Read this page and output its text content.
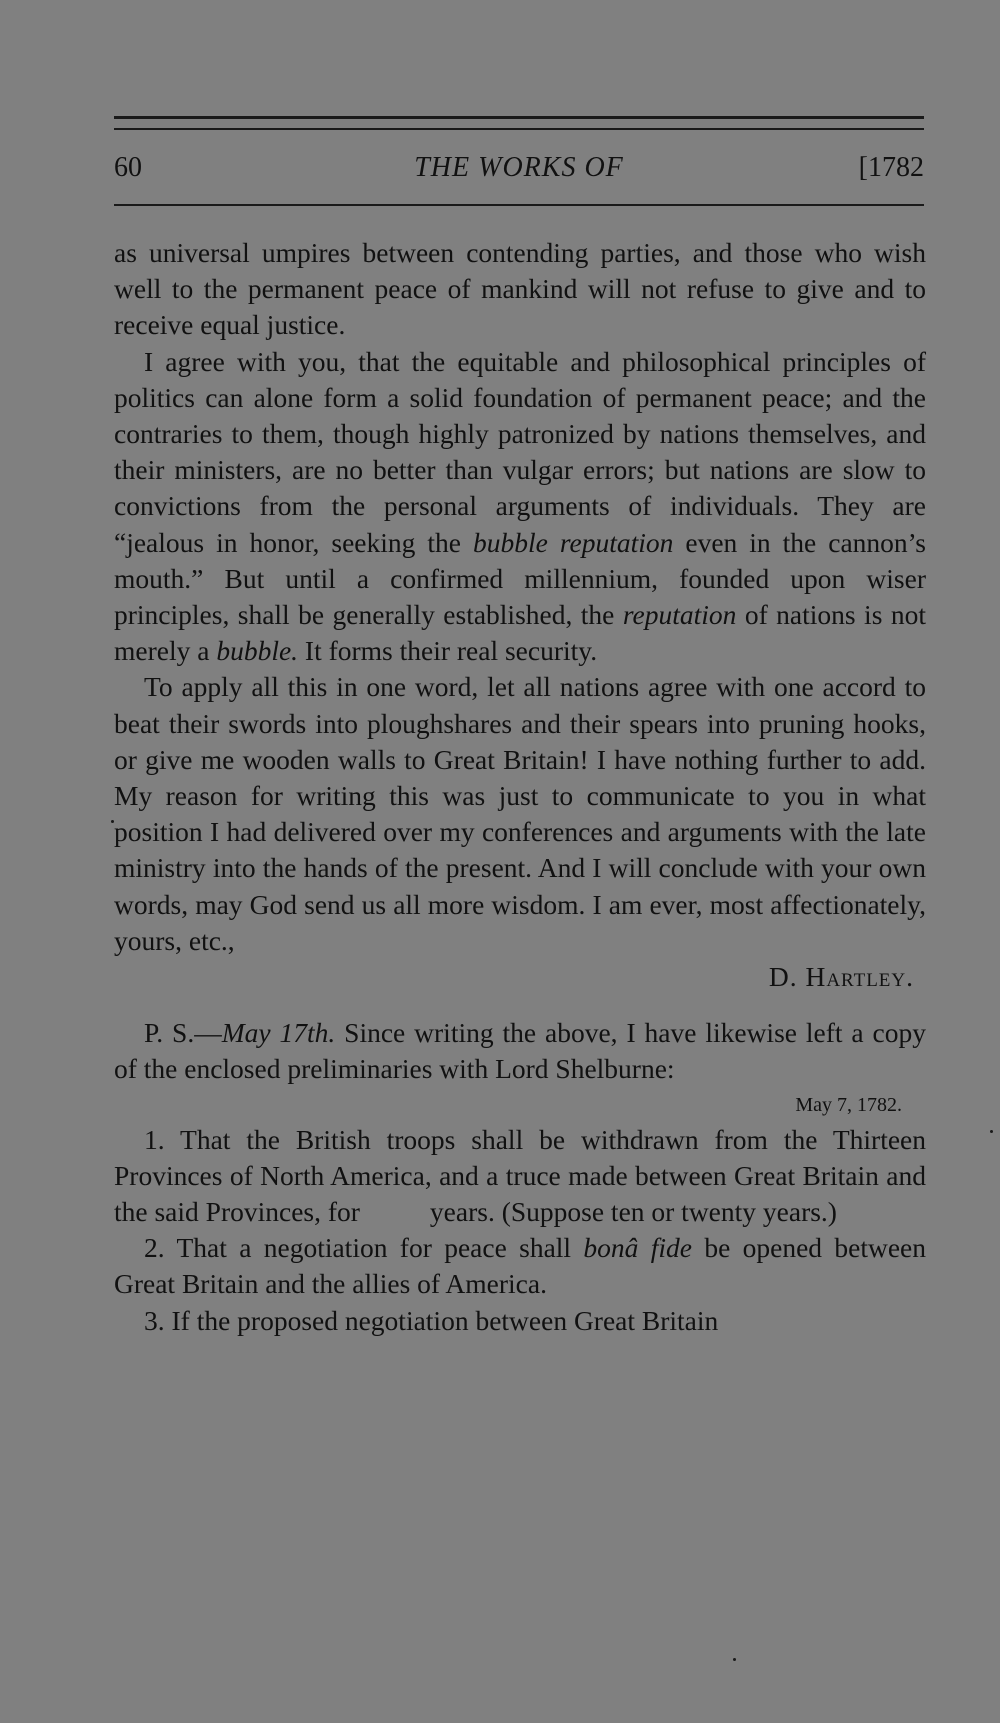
60	THE WORKS OF	[1782

as universal umpires between contending parties, and those who wish well to the permanent peace of mankind will not refuse to give and to receive equal justice.

I agree with you, that the equitable and philosophical principles of politics can alone form a solid foundation of permanent peace; and the contraries to them, though highly patronized by nations themselves, and their ministers, are no better than vulgar errors; but nations are slow to convictions from the personal arguments of individuals. They are “jealous in honor, seeking the bubble reputation even in the cannon’s mouth.” But until a confirmed millennium, founded upon wiser principles, shall be generally established, the reputation of nations is not merely a bubble. It forms their real security.

To apply all this in one word, let all nations agree with one accord to beat their swords into ploughshares and their spears into pruning hooks, or give me wooden walls to Great Britain! I have nothing further to add. My reason for writing this was just to communicate to you in what position I had delivered over my conferences and arguments with the late ministry into the hands of the present. And I will conclude with your own words, may God send us all more wisdom. I am ever, most affectionately, yours, etc.,

D. Hartley.

P. S.—May 17th. Since writing the above, I have likewise left a copy of the enclosed preliminaries with Lord Shelburne:

May 7, 1782.

1. That the British troops shall be withdrawn from the Thirteen Provinces of North America, and a truce made between Great Britain and the said Provinces, for	years. (Suppose ten or twenty years.)

2. That a negotiation for peace shall bonâ fide be opened between Great Britain and the allies of America.

3. If the proposed negotiation between Great Britain
